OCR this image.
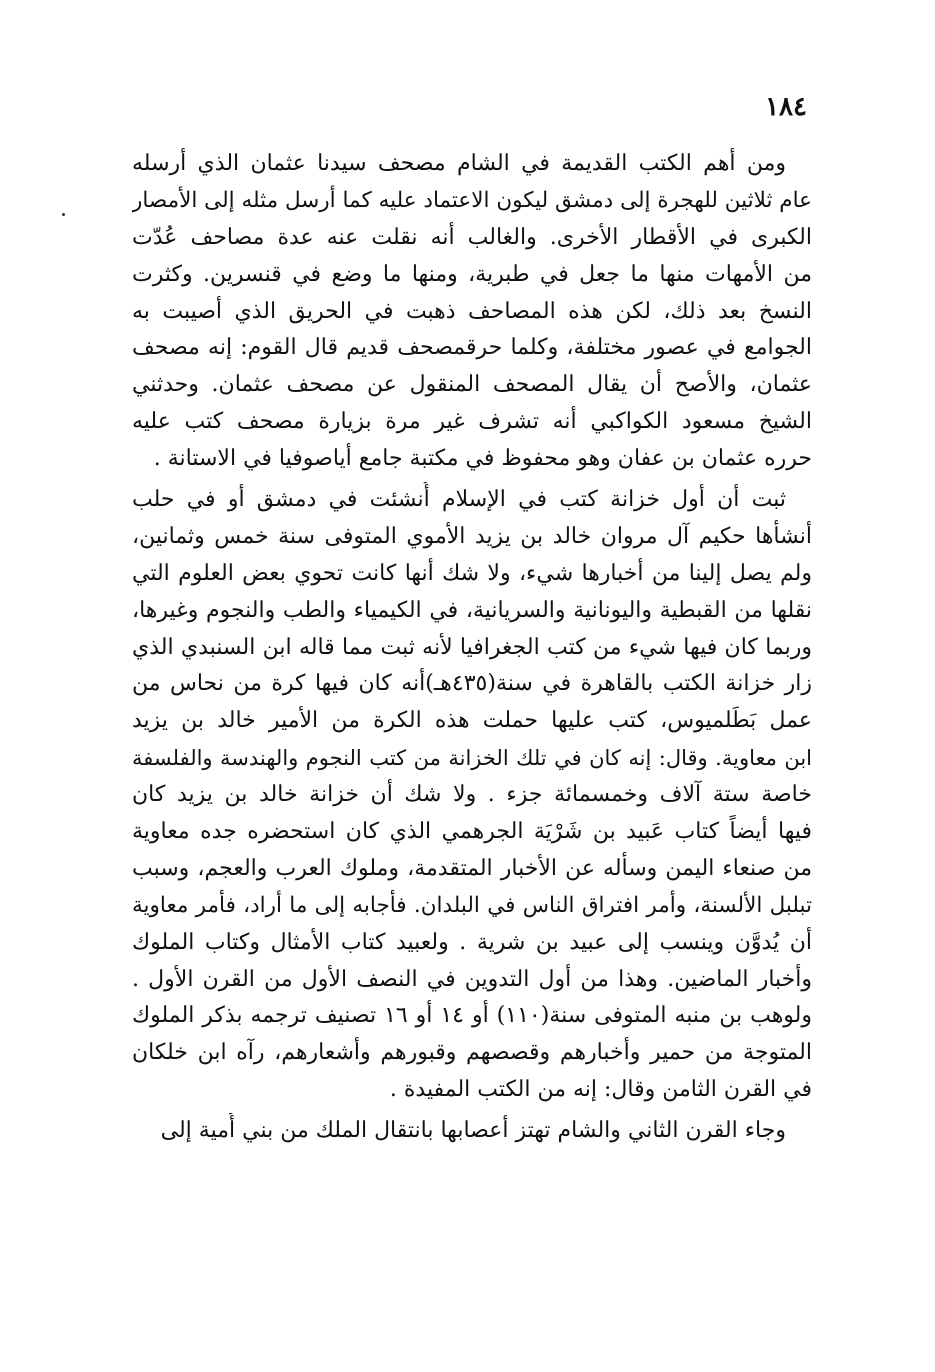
١٨٤
ومن أهم الكتب القديمة في الشام مصحف سيدنا عثمان الذي أرسله
عام ثلاثين للهجرة إلى دمشق ليكون الاعتماد عليه كما أرسل مثله إلى الأمصار
الكبرى في الأقطار الأخرى. والغالب أنه نقلت عنه عدة مصاحف عُدّت
من الأمهات منها ما جعل في طبرية، ومنها ما وضع في قنسرين. وكثرت
النسخ بعد ذلك، لكن هذه المصاحف ذهبت في الحريق الذي أصيبت به
الجوامع في عصور مختلفة، وكلما حرقمصحف قديم قال القوم: إنه مصحف
عثمان، والأصح أن يقال المصحف المنقول عن مصحف عثمان. وحدثني
الشيخ مسعود الكواكبي أنه تشرف غير مرة بزيارة مصحف كتب عليه
حرره عثمان بن عفان وهو محفوظ في مكتبة جامع أياصوفيا في الاستانة .
ثبت أن أول خزانة كتب في الإسلام أُنشئت في دمشق أو في حلب
أنشأها حكيم آل مروان خالد بن يزيد الأموي المتوفى سنة خمس وثمانين،
ولم يصل إلينا من أخبارها شيء، ولا شك أنها كانت تحوي بعض العلوم التي
نقلها من القبطية واليونانية والسريانية، في الكيمياء والطب والنجوم وغيرها،
وربما كان فيها شيء من كتب الجغرافيا لأنه ثبت مما قاله ابن السنبدي الذي
زار خزانة الكتب بالقاهرة في سنة(٤٣٥هـ)أنه كان فيها كرة من نحاس من
عمل بَطَلميوس، كتب عليها حملت هذه الكرة من الأمير خالد بن يزيد
ابن معاوية. وقال: إنه كان في تلك الخزانة من كتب النجوم والهندسة والفلسفة
خاصة ستة آلاف وخمسمائة جزء . ولا شك أن خزانة خالد بن يزيد كان
فيها أيضاً كتاب عَبيد بن شَرْيَة الجرهمي الذي كان استحضره جده معاوية
من صنعاء اليمن وسأله عن الأخبار المتقدمة، وملوك العرب والعجم، وسبب
تبلبل الألسنة، وأمر افتراق الناس في البلدان. فأجابه إلى ما أراد، فأمر معاوية
أن يُدوَّن وينسب إلى عبيد بن شرية . ولعبيد كتاب الأمثال وكتاب الملوك
وأخبار الماضين. وهذا من أول التدوين في النصف الأول من القرن الأول .
ولوهب بن منبه المتوفى سنة(١١٠) أو ١٤ أو ١٦ تصنيف ترجمه بذكر الملوك
المتوجة من حمير وأخبارهم وقصصهم وقبورهم وأشعارهم، رآه ابن خلكان
في القرن الثامن وقال: إنه من الكتب المفيدة .
وجاء القرن الثاني والشام تهتز أعصابها بانتقال الملك من بني أُمية إلى
